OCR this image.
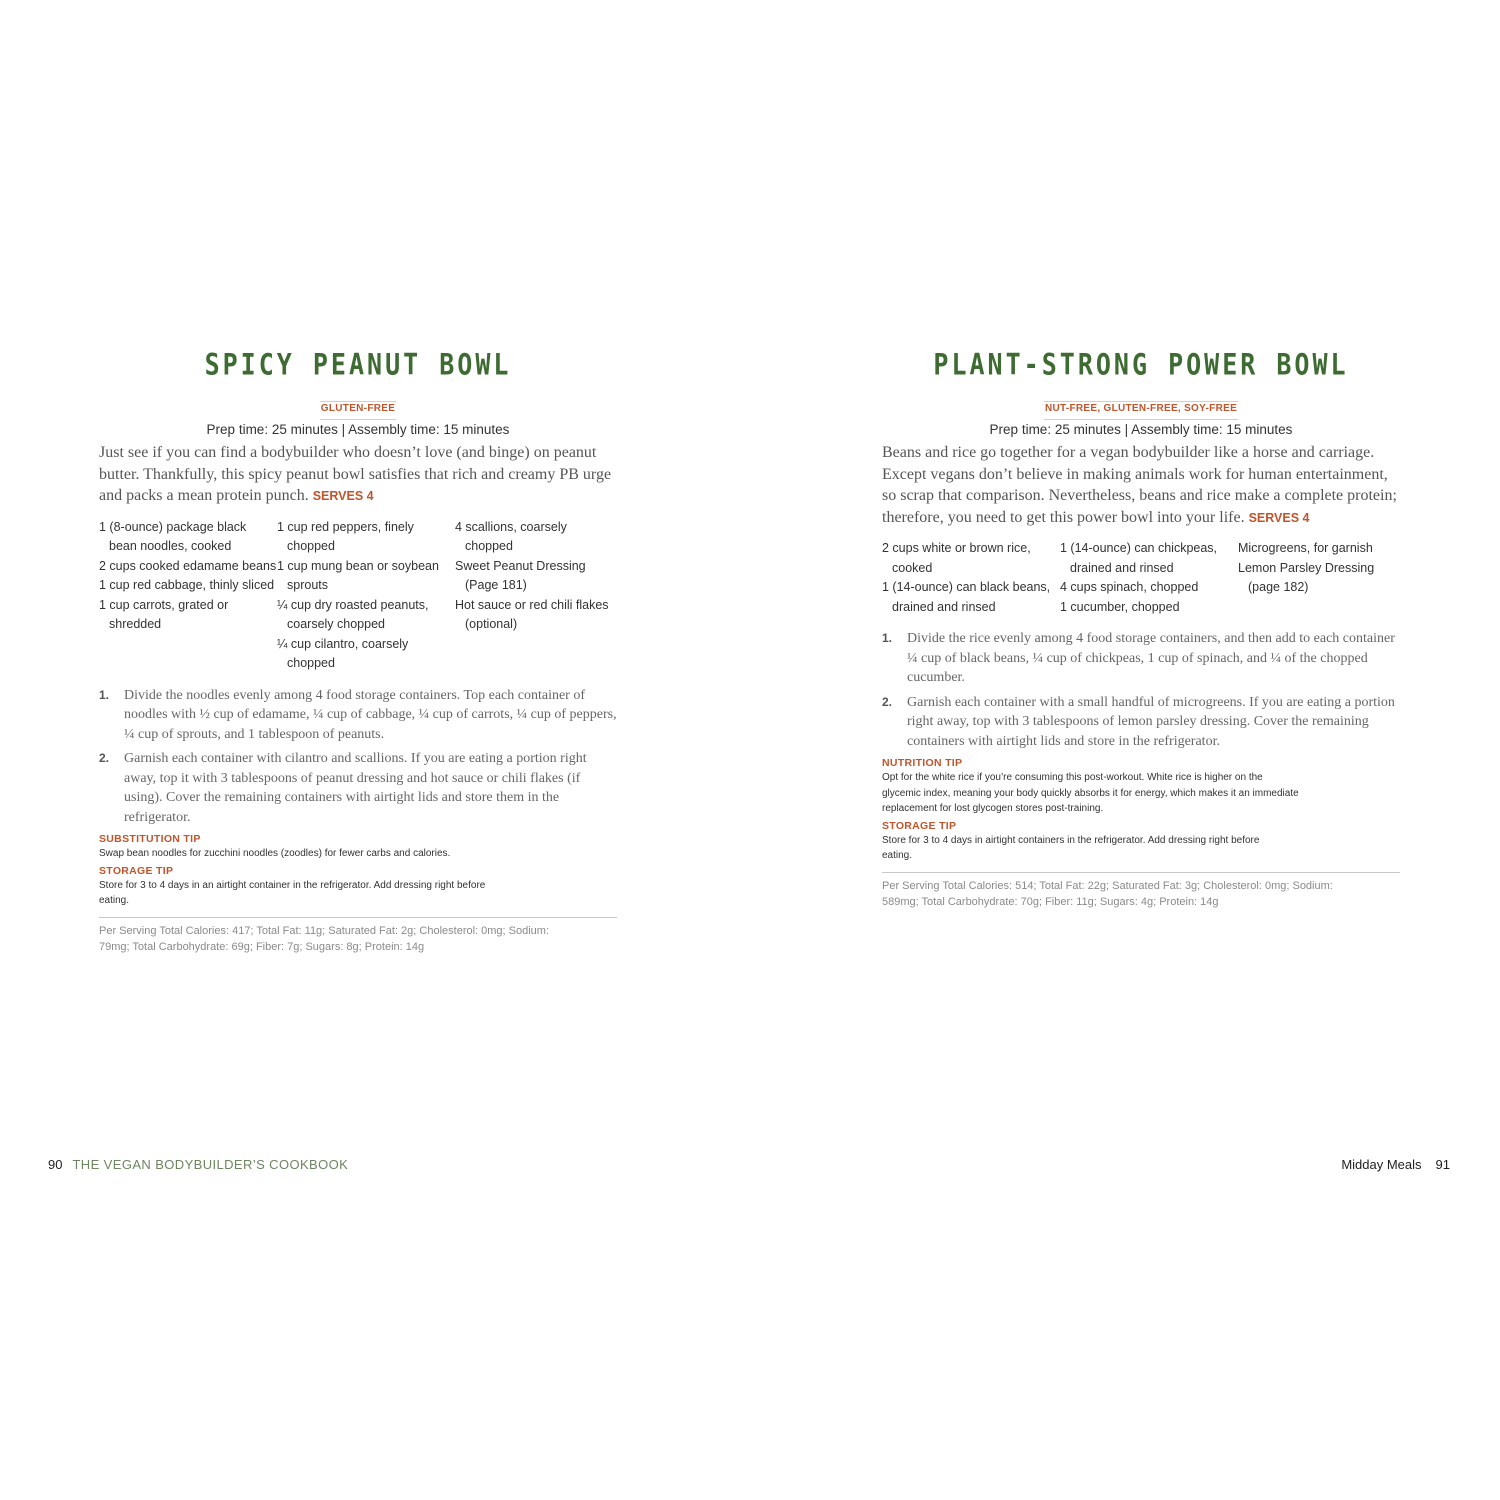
SPICY PEANUT BOWL
GLUTEN-FREE
Prep time: 25 minutes | Assembly time: 15 minutes

Just see if you can find a bodybuilder who doesn’t love (and binge) on peanut butter. Thankfully, this spicy peanut bowl satisfies that rich and creamy PB urge and packs a mean protein punch. SERVES 4

1 (8-ounce) package black bean noodles, cooked
2 cups cooked edamame beans
1 cup red cabbage, thinly sliced
1 cup carrots, grated or shredded
1 cup red peppers, finely chopped
1 cup mung bean or soybean sprouts
¼ cup dry roasted peanuts, coarsely chopped
¼ cup cilantro, coarsely chopped
4 scallions, coarsely chopped
Sweet Peanut Dressing (Page 181)
Hot sauce or red chili flakes (optional)
1. Divide the noodles evenly among 4 food storage containers. Top each container of noodles with ½ cup of edamame, ¼ cup of cabbage, ¼ cup of carrots, ¼ cup of peppers, ¼ cup of sprouts, and 1 tablespoon of peanuts.
2. Garnish each container with cilantro and scallions. If you are eating a portion right away, top it with 3 tablespoons of peanut dressing and hot sauce or chili flakes (if using). Cover the remaining containers with airtight lids and store them in the refrigerator.
SUBSTITUTION TIP
Swap bean noodles for zucchini noodles (zoodles) for fewer carbs and calories.
STORAGE TIP
Store for 3 to 4 days in an airtight container in the refrigerator. Add dressing right before eating.
Per Serving Total Calories: 417; Total Fat: 11g; Saturated Fat: 2g; Cholesterol: 0mg; Sodium: 79mg; Total Carbohydrate: 69g; Fiber: 7g; Sugars: 8g; Protein: 14g
90 THE VEGAN BODYBUILDER’S COOKBOOK
PLANT-STRONG POWER BOWL
NUT-FREE, GLUTEN-FREE, SOY-FREE
Prep time: 25 minutes | Assembly time: 15 minutes

Beans and rice go together for a vegan bodybuilder like a horse and carriage. Except vegans don’t believe in making animals work for human entertainment, so scrap that comparison. Nevertheless, beans and rice make a complete protein; therefore, you need to get this power bowl into your life. SERVES 4

2 cups white or brown rice, cooked
1 (14-ounce) can black beans, drained and rinsed
1 (14-ounce) can chickpeas, drained and rinsed
4 cups spinach, chopped
1 cucumber, chopped
Microgreens, for garnish
Lemon Parsley Dressing (page 182)
1. Divide the rice evenly among 4 food storage containers, and then add to each container ¼ cup of black beans, ¼ cup of chickpeas, 1 cup of spinach, and ¼ of the chopped cucumber.
2. Garnish each container with a small handful of microgreens. If you are eating a portion right away, top with 3 tablespoons of lemon parsley dressing. Cover the remaining containers with airtight lids and store in the refrigerator.
NUTRITION TIP
Opt for the white rice if you’re consuming this post-workout. White rice is higher on the glycemic index, meaning your body quickly absorbs it for energy, which makes it an immediate replacement for lost glycogen stores post-training.
STORAGE TIP
Store for 3 to 4 days in airtight containers in the refrigerator. Add dressing right before eating.
Per Serving Total Calories: 514; Total Fat: 22g; Saturated Fat: 3g; Cholesterol: 0mg; Sodium: 589mg; Total Carbohydrate: 70g; Fiber: 11g; Sugars: 4g; Protein: 14g
Midday Meals 91
